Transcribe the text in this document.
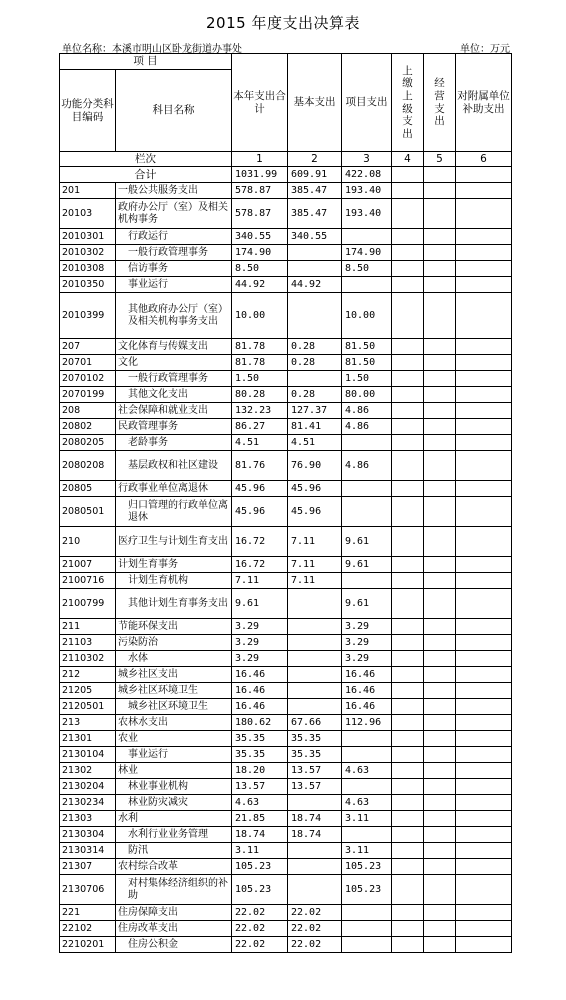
2015 年度支出决算表
单位名称：本溪市明山区卧龙街道办事处	单位：万元
项 目		本年支出合计	基本支出	项目支出	上缴上级支出	经营支出	对附属单位补助支出
功能分类科目编码	科目名称						
栏次		1	2	3	4	5	6
合计		1031.99	609.91	422.08			
201	一般公共服务支出	578.87	385.47	193.40			
20103	政府办公厅（室）及相关机构事务	578.87	385.47	193.40			
2010301	行政运行	340.55	340.55				
2010302	一般行政管理事务	174.90		174.90			
2010308	信访事务	8.50		8.50			
2010350	事业运行	44.92	44.92				
2010399	其他政府办公厅（室）及相关机构事务支出	10.00		10.00			
207	文化体育与传媒支出	81.78	0.28	81.50			
20701	文化	81.78	0.28	81.50			
2070102	一般行政管理事务	1.50		1.50			
2070199	其他文化支出	80.28	0.28	80.00			
208	社会保障和就业支出	132.23	127.37	4.86			
20802	民政管理事务	86.27	81.41	4.86			
2080205	老龄事务	4.51	4.51				
2080208	基层政权和社区建设	81.76	76.90	4.86			
20805	行政事业单位离退休	45.96	45.96				
2080501	归口管理的行政单位离退休	45.96	45.96				
210	医疗卫生与计划生育支出	16.72	7.11	9.61			
21007	计划生育事务	16.72	7.11	9.61			
2100716	计划生育机构	7.11	7.11				
2100799	其他计划生育事务支出	9.61		9.61			
211	节能环保支出	3.29		3.29			
21103	污染防治	3.29		3.29			
2110302	水体	3.29		3.29			
212	城乡社区支出	16.46		16.46			
21205	城乡社区环境卫生	16.46		16.46			
2120501	城乡社区环境卫生	16.46		16.46			
213	农林水支出	180.62	67.66	112.96			
21301	农业	35.35	35.35				
2130104	事业运行	35.35	35.35				
21302	林业	18.20	13.57	4.63			
2130204	林业事业机构	13.57	13.57				
2130234	林业防灾减灾	4.63		4.63			
21303	水利	21.85	18.74	3.11			
2130304	水利行业业务管理	18.74	18.74				
2130314	防汛	3.11		3.11			
21307	农村综合改革	105.23		105.23			
2130706	对村集体经济组织的补助	105.23		105.23			
221	住房保障支出	22.02	22.02				
22102	住房改革支出	22.02	22.02				
2210201	住房公积金	22.02	22.02				
